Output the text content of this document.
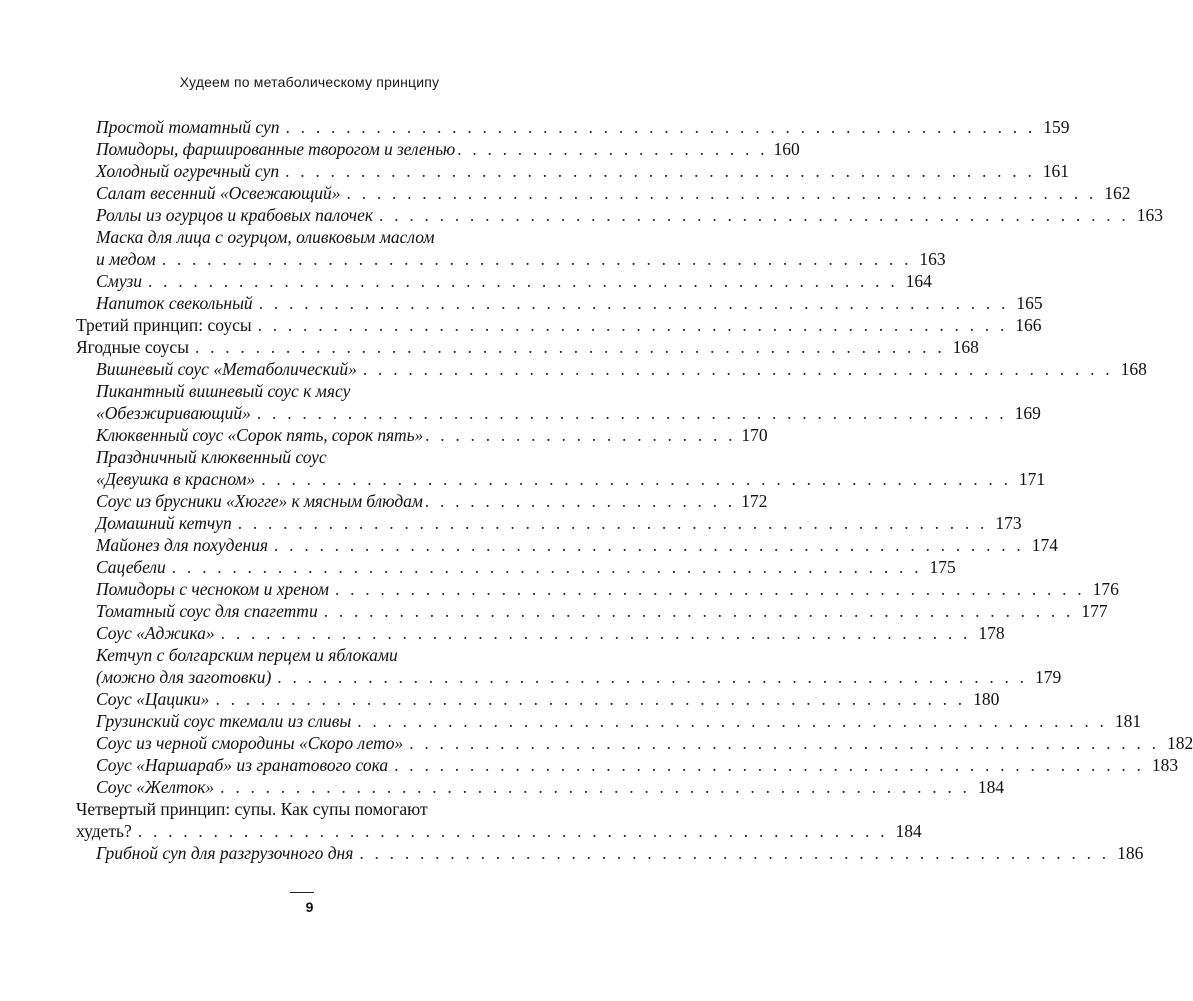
Худеем по метаболическому принципу
Простой томатный суп . . . . . . . . . . . . . . . . . . . . . . . . . . . . . . . . . . . . . . . . . . . . . . . . . . 159
Помидоры, фаршированные творогом и зеленью . . . . . . . . . . . . . . . . . . . . . 160
Холодный огуречный суп . . . . . . . . . . . . . . . . . . . . . . . . . . . . . . . . . . . . . . . . . . . . . . . . . . 161
Салат весенний «Освежающий» . . . . . . . . . . . . . . . . . . . . . . . . . . . . . . . . . . . . . . . . . . . . . . . . . . 162
Роллы из огурцов и крабовых палочек . . . . . . . . . . . . . . . . . . . . . . . . . . . . . . . . . . . . . . . . . . . . . . . . . . 163
Маска для лица с огурцом, оливковым маслом
и медом . . . . . . . . . . . . . . . . . . . . . . . . . . . . . . . . . . . . . . . . . . . . . . . . . . 163
Смузи . . . . . . . . . . . . . . . . . . . . . . . . . . . . . . . . . . . . . . . . . . . . . . . . . . 164
Напиток свекольный . . . . . . . . . . . . . . . . . . . . . . . . . . . . . . . . . . . . . . . . . . . . . . . . . . 165
Третий принцип: соусы . . . . . . . . . . . . . . . . . . . . . . . . . . . . . . . . . . . . . . . . . . . . . . . . . . 166
Ягодные соусы . . . . . . . . . . . . . . . . . . . . . . . . . . . . . . . . . . . . . . . . . . . . . . . . . . 168
Вишневый соус «Метаболический» . . . . . . . . . . . . . . . . . . . . . . . . . . . . . . . . . . . . . . . . . . . . . . . . . . 168
Пикантный вишневый соус к мясу
«Обезжиривающий» . . . . . . . . . . . . . . . . . . . . . . . . . . . . . . . . . . . . . . . . . . . . . . . . . . 169
Клюквенный соус «Сорок пять, сорок пять» . . . . . . . . . . . . . . . . . . . . . 170
Праздничный клюквенный соус
«Девушка в красном» . . . . . . . . . . . . . . . . . . . . . . . . . . . . . . . . . . . . . . . . . . . . . . . . . . 171
Соус из брусники «Хюгге» к мясным блюдам . . . . . . . . . . . . . . . . . . . . . 172
Домашний кетчуп . . . . . . . . . . . . . . . . . . . . . . . . . . . . . . . . . . . . . . . . . . . . . . . . . . 173
Майонез для похудения . . . . . . . . . . . . . . . . . . . . . . . . . . . . . . . . . . . . . . . . . . . . . . . . . . 174
Сацебели . . . . . . . . . . . . . . . . . . . . . . . . . . . . . . . . . . . . . . . . . . . . . . . . . . 175
Помидоры с чесноком и хреном . . . . . . . . . . . . . . . . . . . . . . . . . . . . . . . . . . . . . . . . . . . . . . . . . . 176
Томатный соус для спагетти . . . . . . . . . . . . . . . . . . . . . . . . . . . . . . . . . . . . . . . . . . . . . . . . . . 177
Соус «Аджика» . . . . . . . . . . . . . . . . . . . . . . . . . . . . . . . . . . . . . . . . . . . . . . . . . . 178
Кетчуп с болгарским перцем и яблоками
(можно для заготовки) . . . . . . . . . . . . . . . . . . . . . . . . . . . . . . . . . . . . . . . . . . . . . . . . . . 179
Соус «Цацики» . . . . . . . . . . . . . . . . . . . . . . . . . . . . . . . . . . . . . . . . . . . . . . . . . . 180
Грузинский соус ткемали из сливы . . . . . . . . . . . . . . . . . . . . . . . . . . . . . . . . . . . . . . . . . . . . . . . . . . 181
Соус из черной смородины «Скоро лето» . . . . . . . . . . . . . . . . . . . . . . . . . . . . . . . . . . . . . . . . . . . . . . . . . . 182
Соус «Наршараб» из гранатового сока . . . . . . . . . . . . . . . . . . . . . . . . . . . . . . . . . . . . . . . . . . . . . . . . . . 183
Соус «Желток» . . . . . . . . . . . . . . . . . . . . . . . . . . . . . . . . . . . . . . . . . . . . . . . . . . 184
Четвертый принцип: супы. Как супы помогают
худеть? . . . . . . . . . . . . . . . . . . . . . . . . . . . . . . . . . . . . . . . . . . . . . . . . . . 184
Грибной суп для разгрузочного дня . . . . . . . . . . . . . . . . . . . . . . . . . . . . . . . . . . . . . . . . . . . . . . . . . . 186
9
